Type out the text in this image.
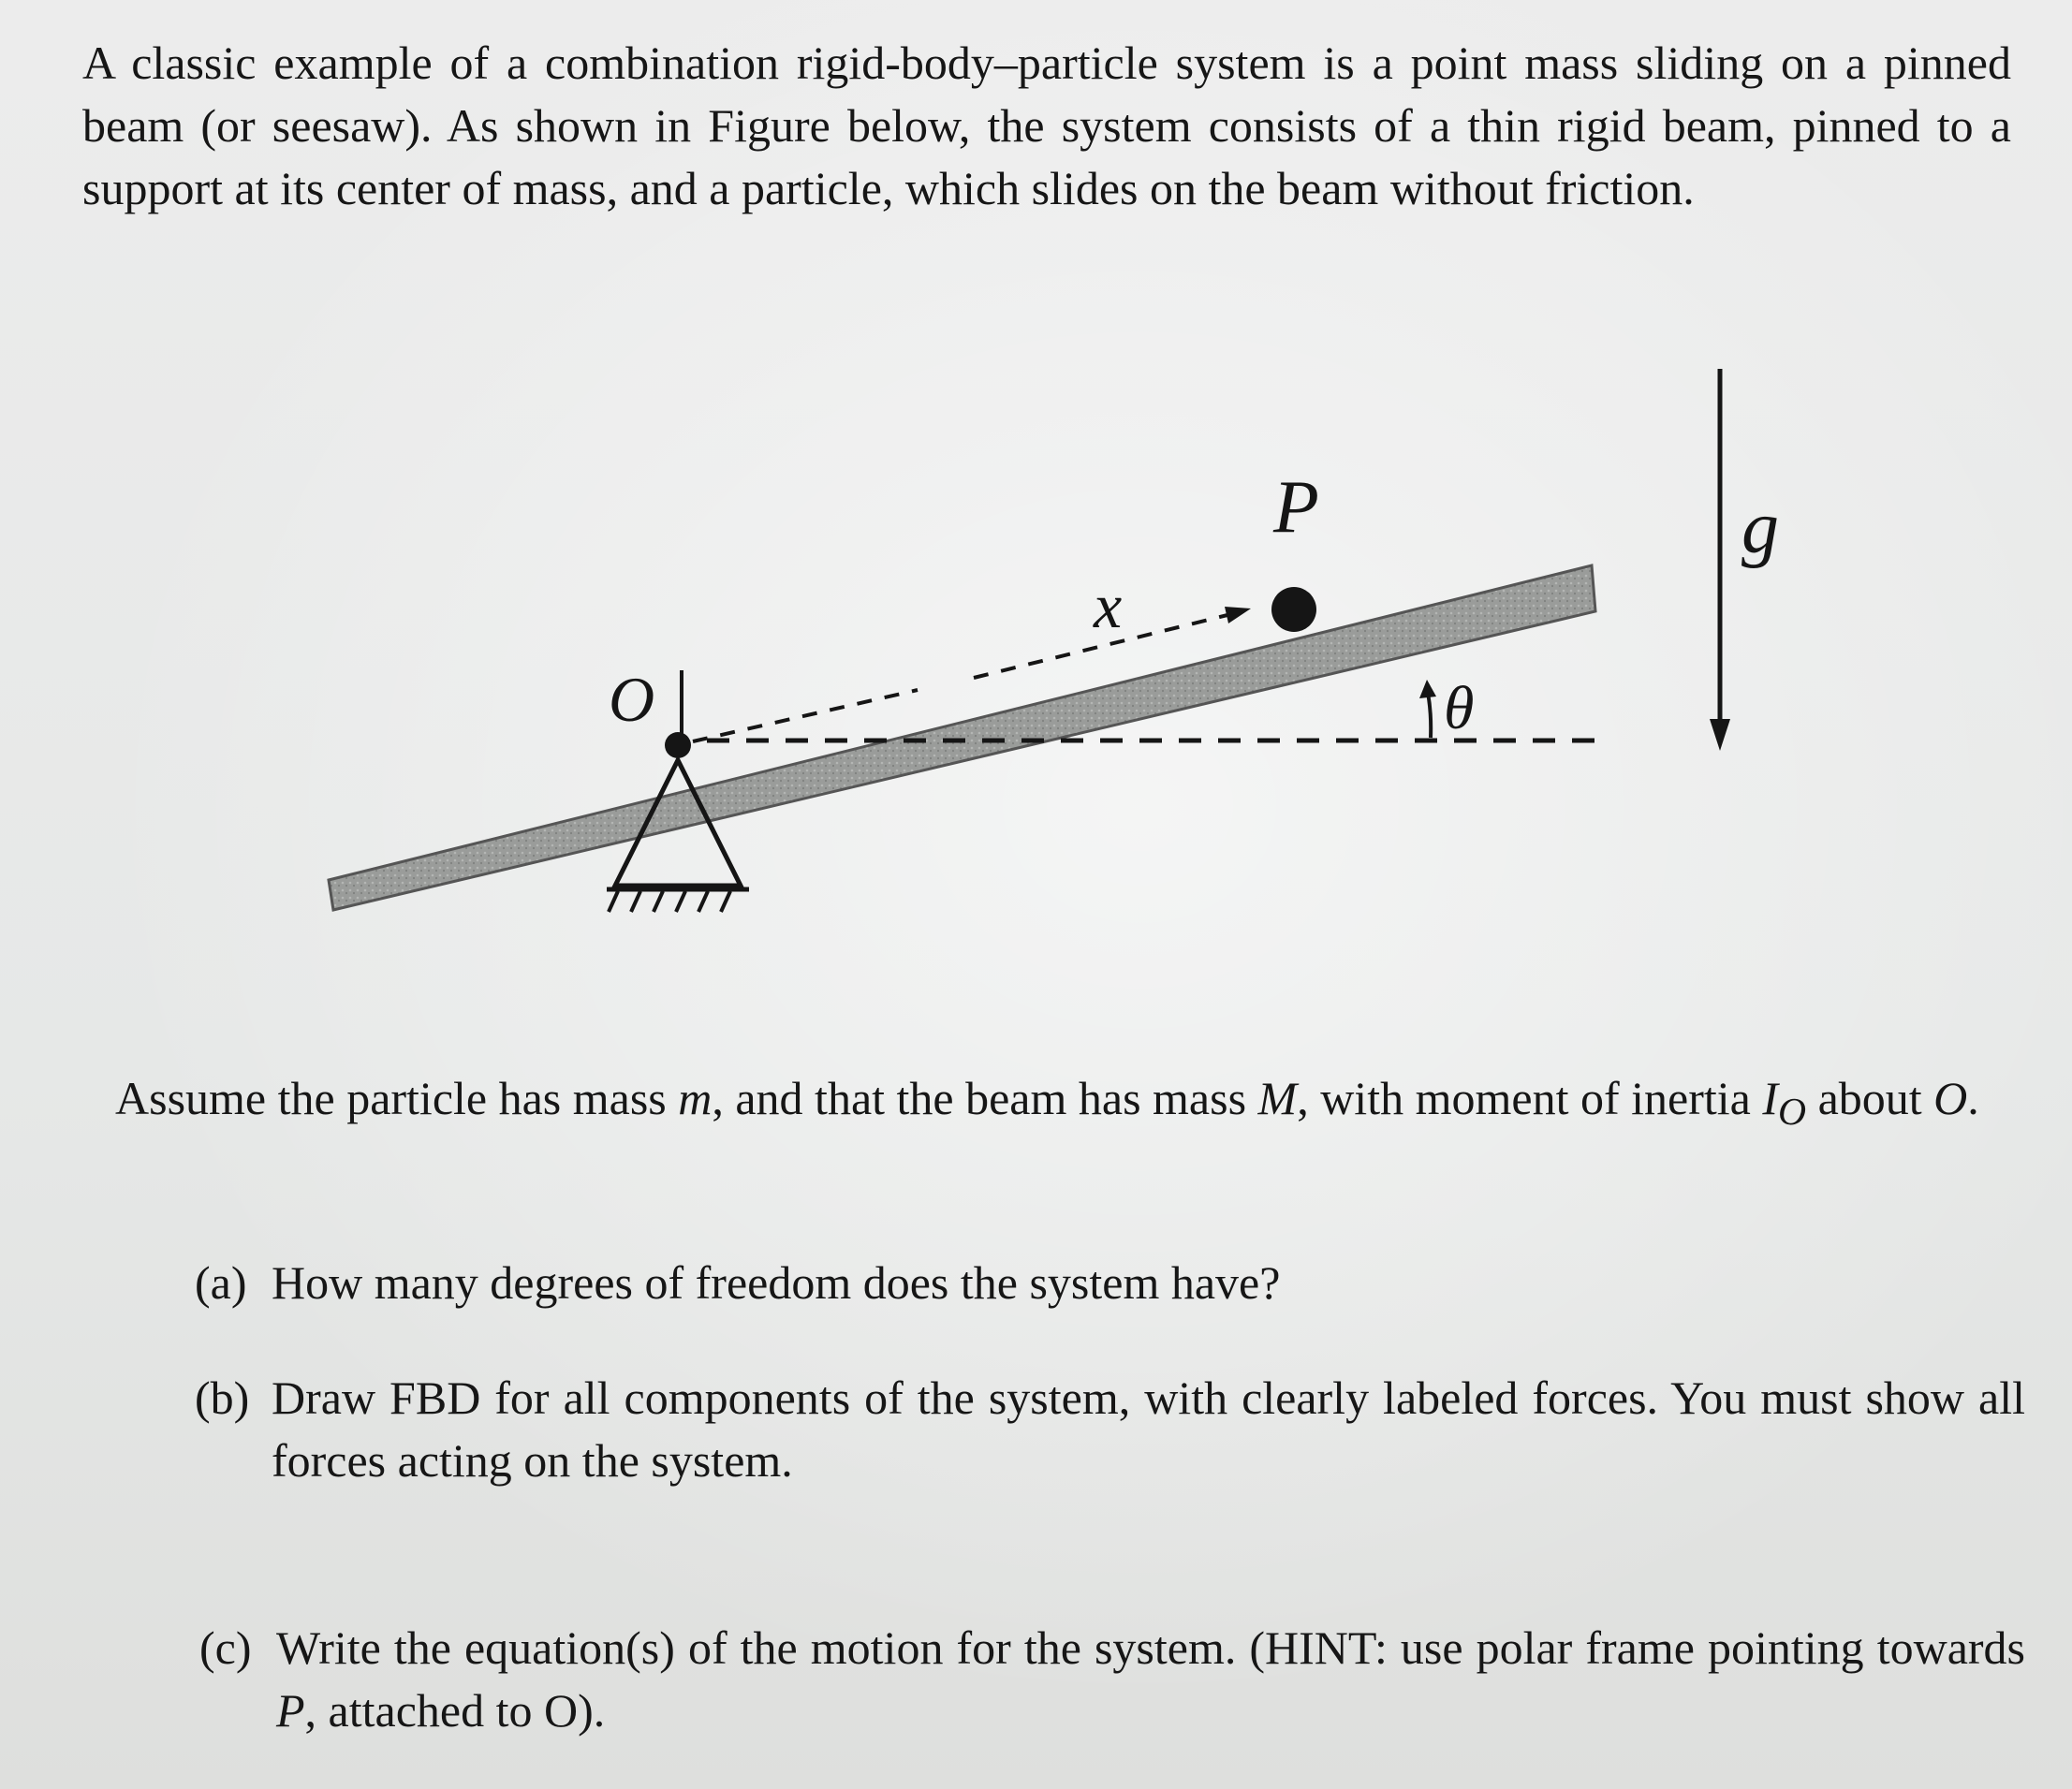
A classic example of a combination rigid-body–particle system is a point mass sliding on a pinned beam (or seesaw). As shown in Figure below, the system consists of a thin rigid beam, pinned to a support at its center of mass, and a particle, which slides on the beam without friction.

P
x
O	θ
g

Assume the particle has mass m, and that the beam has mass M, with moment of inertia $I_O$ about O.

(a) How many degrees of freedom does the system have?
(b) Draw FBD for all components of the system, with clearly labeled forces. You must show all forces acting on the system.
(c) Write the equation(s) of the motion for the system. (HINT: use polar frame pointing towards P, attached to O).
